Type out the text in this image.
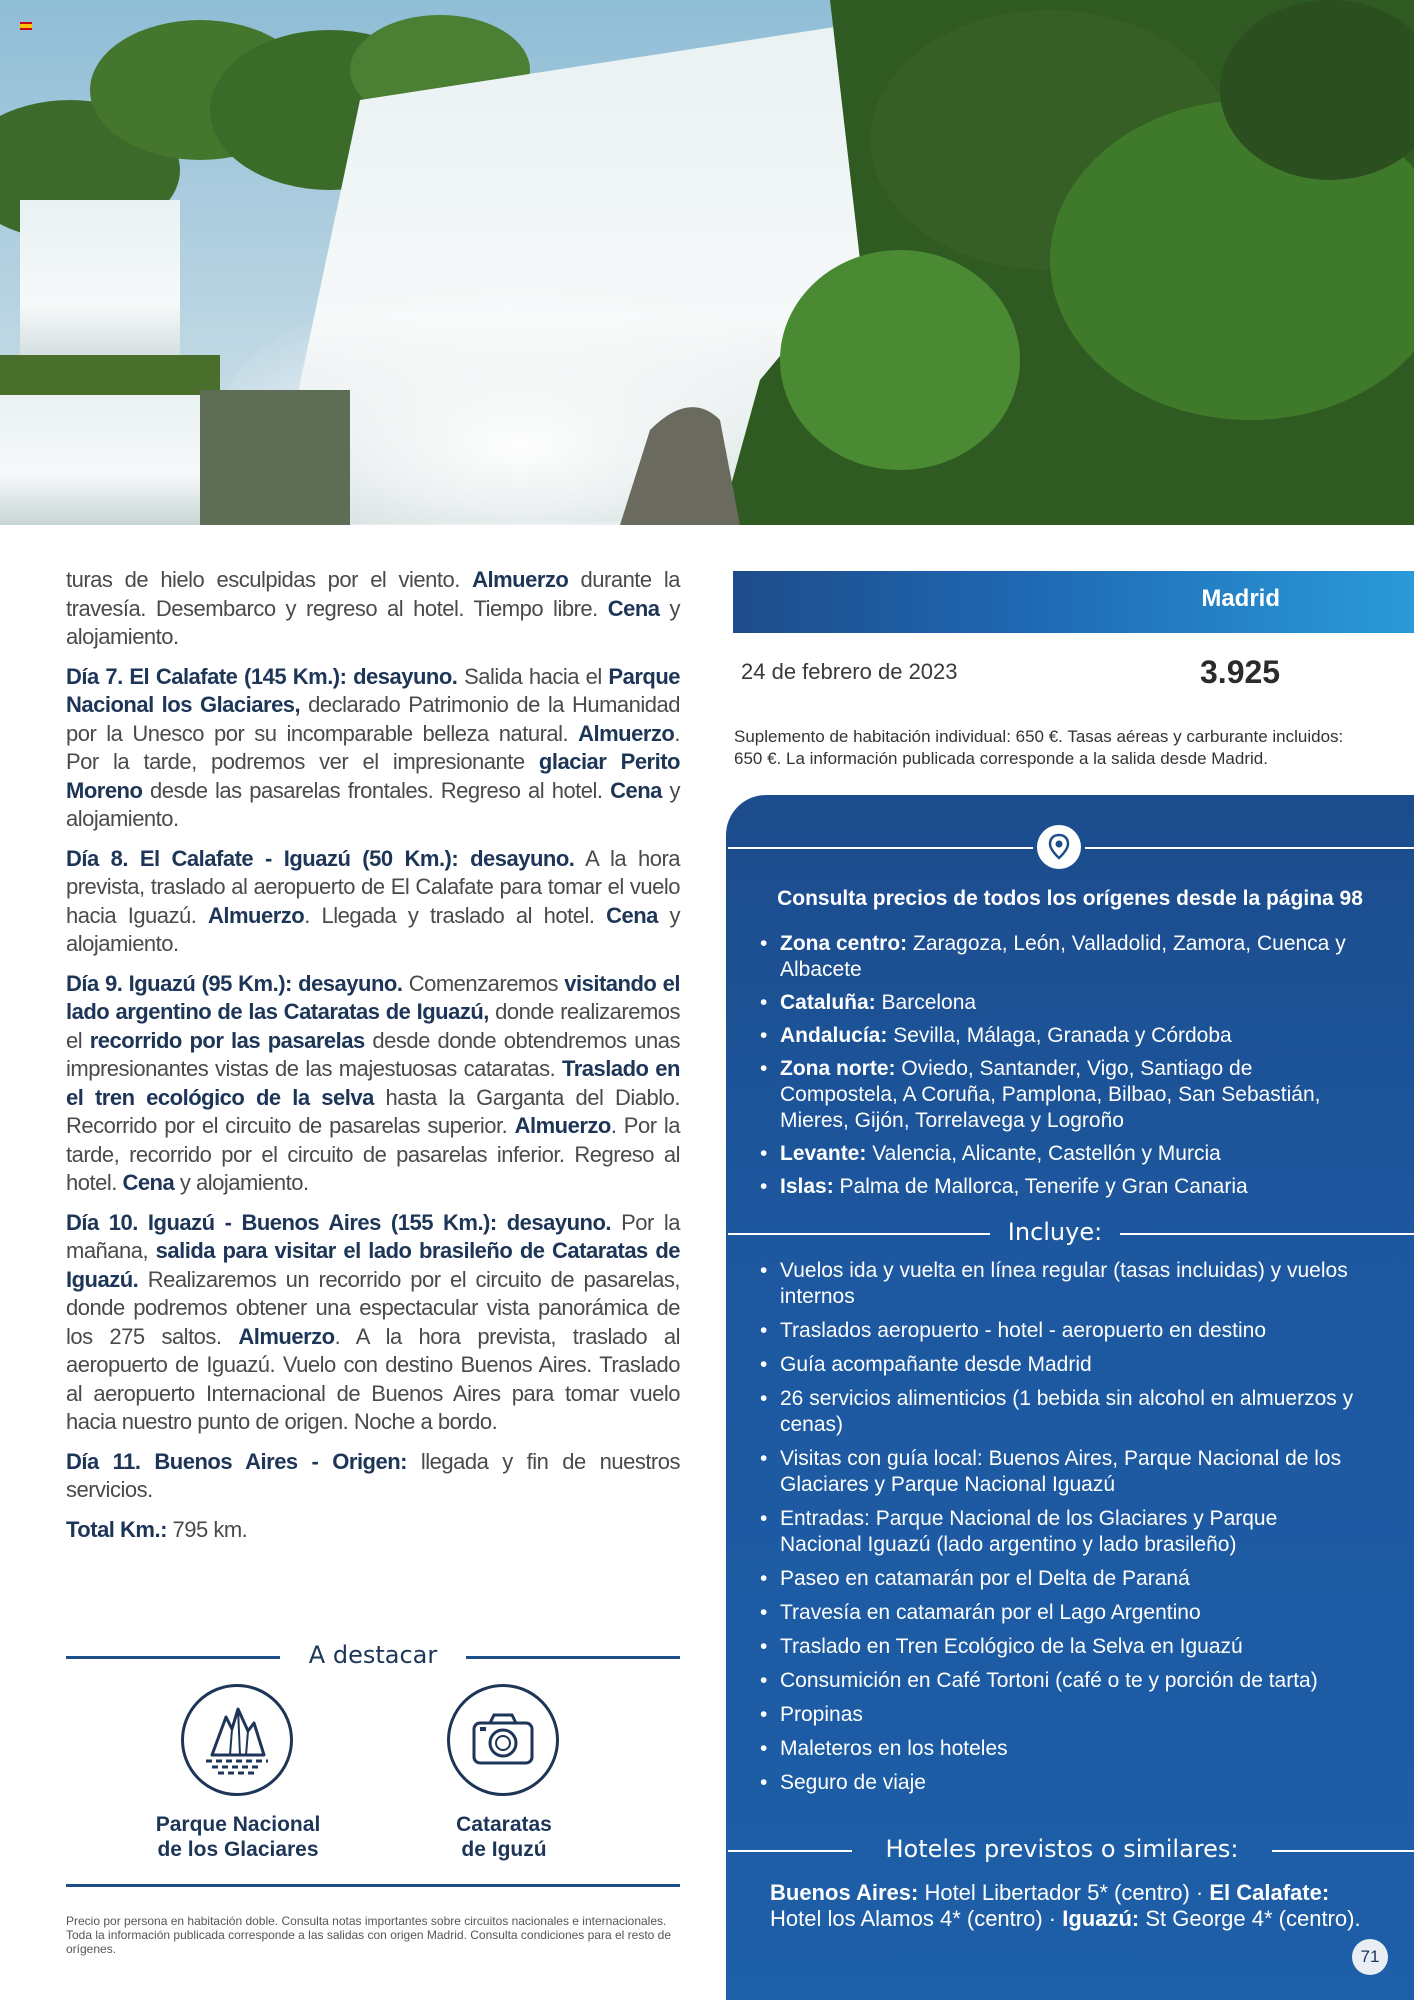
turas de hielo esculpidas por el viento. Almuerzo durante la travesía. Desembarco y regreso al hotel. Tiempo libre. Cena y alojamiento.

Día 7. El Calafate (145 Km.): desayuno. Salida hacia el Parque Nacional los Glaciares, declarado Patrimonio de la Humanidad por la Unesco por su incomparable belleza natural. Almuerzo. Por la tarde, podremos ver el impresionante glaciar Perito Moreno desde las pasarelas frontales. Regreso al hotel. Cena y alojamiento.

Día 8. El Calafate - Iguazú (50 Km.): desayuno. A la hora prevista, traslado al aeropuerto de El Calafate para tomar el vuelo hacia Iguazú. Almuerzo. Llegada y traslado al hotel. Cena y alojamiento.

Día 9. Iguazú (95 Km.): desayuno. Comenzaremos visitando el lado argentino de las Cataratas de Iguazú, donde realizaremos el recorrido por las pasarelas desde donde obtendremos unas impresionantes vistas de las majestuosas cataratas. Traslado en el tren ecológico de la selva hasta la Garganta del Diablo. Recorrido por el circuito de pasarelas superior. Almuerzo. Por la tarde, recorrido por el circuito de pasarelas inferior. Regreso al hotel. Cena y alojamiento.

Día 10. Iguazú - Buenos Aires (155 Km.): desayuno. Por la mañana, salida para visitar el lado brasileño de Cataratas de Iguazú. Realizaremos un recorrido por el circuito de pasarelas, donde podremos obtener una espectacular vista panorámica de los 275 saltos. Almuerzo. A la hora prevista, traslado al aeropuerto de Iguazú. Vuelo con destino Buenos Aires. Traslado al aeropuerto Internacional de Buenos Aires para tomar vuelo hacia nuestro punto de origen. Noche a bordo.

Día 11. Buenos Aires - Origen: llegada y fin de nuestros servicios.

Total Km.: 795 km.

A destacar
Parque Nacional
de los Glaciares
Cataratas
de Iguzú
Precio por persona en habitación doble. Consulta notas importantes sobre circuitos nacionales e internacionales. Toda la información publicada corresponde a las salidas con origen Madrid. Consulta condiciones para el resto de orígenes.
Madrid
24 de febrero de 2023	3.925
Suplemento de habitación individual: 650 €. Tasas aéreas y carburante incluidos: 650 €. La información publicada corresponde a la salida desde Madrid.
Consulta precios de todos los orígenes desde la página 98
• Zona centro: Zaragoza, León, Valladolid, Zamora, Cuenca y Albacete
• Cataluña: Barcelona
• Andalucía: Sevilla, Málaga, Granada y Córdoba
• Zona norte: Oviedo, Santander, Vigo, Santiago de Compostela, A Coruña, Pamplona, Bilbao, San Sebastián, Mieres, Gijón, Torrelavega y Logroño
• Levante: Valencia, Alicante, Castellón y Murcia
• Islas: Palma de Mallorca, Tenerife y Gran Canaria
Incluye:
• Vuelos ida y vuelta en línea regular (tasas incluidas) y vuelos internos
• Traslados aeropuerto - hotel - aeropuerto en destino
• Guía acompañante desde Madrid
• 26 servicios alimenticios (1 bebida sin alcohol en almuerzos y cenas)
• Visitas con guía local: Buenos Aires, Parque Nacional de los Glaciares y Parque Nacional Iguazú
• Entradas: Parque Nacional de los Glaciares y Parque Nacional Iguazú (lado argentino y lado brasileño)
• Paseo en catamarán por el Delta de Paraná
• Travesía en catamarán por el Lago Argentino
• Traslado en Tren Ecológico de la Selva en Iguazú
• Consumición en Café Tortoni (café o te y porción de tarta)
• Propinas
• Maleteros en los hoteles
• Seguro de viaje
Hoteles previstos o similares:
Buenos Aires: Hotel Libertador 5* (centro) · El Calafate: Hotel los Alamos 4* (centro) · Iguazú: St George 4* (centro).
71
